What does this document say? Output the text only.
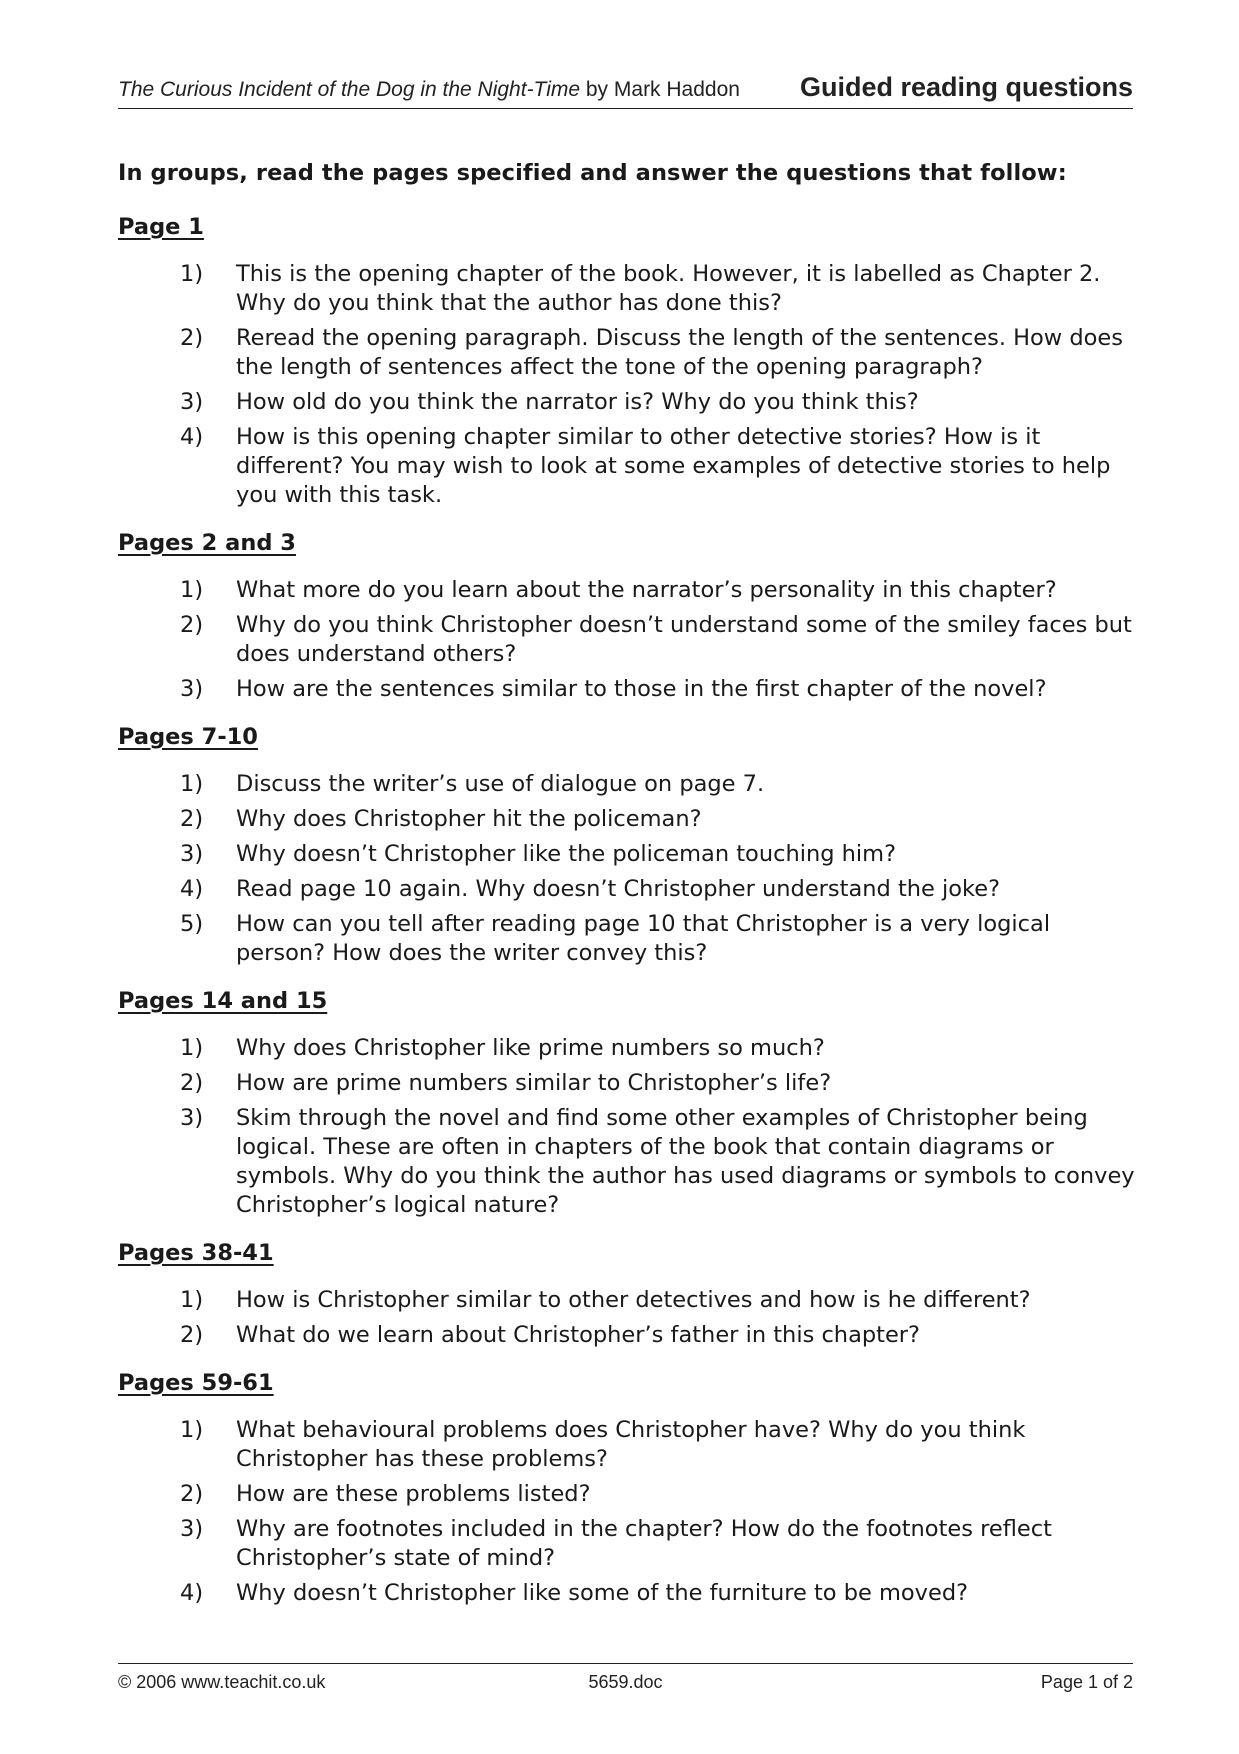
The Curious Incident of the Dog in the Night-Time by Mark Haddon Guided reading questions
In groups, read the pages specified and answer the questions that follow:
Page 1
1) This is the opening chapter of the book. However, it is labelled as Chapter 2. Why do you think that the author has done this?
2) Reread the opening paragraph. Discuss the length of the sentences. How does the length of sentences affect the tone of the opening paragraph?
3) How old do you think the narrator is? Why do you think this?
4) How is this opening chapter similar to other detective stories? How is it different? You may wish to look at some examples of detective stories to help you with this task.
Pages 2 and 3
1) What more do you learn about the narrator’s personality in this chapter?
2) Why do you think Christopher doesn’t understand some of the smiley faces but does understand others?
3) How are the sentences similar to those in the first chapter of the novel?
Pages 7-10
1) Discuss the writer’s use of dialogue on page 7.
2) Why does Christopher hit the policeman?
3) Why doesn’t Christopher like the policeman touching him?
4) Read page 10 again. Why doesn’t Christopher understand the joke?
5) How can you tell after reading page 10 that Christopher is a very logical person? How does the writer convey this?
Pages 14 and 15
1) Why does Christopher like prime numbers so much?
2) How are prime numbers similar to Christopher’s life?
3) Skim through the novel and find some other examples of Christopher being logical. These are often in chapters of the book that contain diagrams or symbols. Why do you think the author has used diagrams or symbols to convey Christopher’s logical nature?
Pages 38-41
1) How is Christopher similar to other detectives and how is he different?
2) What do we learn about Christopher’s father in this chapter?
Pages 59-61
1) What behavioural problems does Christopher have? Why do you think Christopher has these problems?
2) How are these problems listed?
3) Why are footnotes included in the chapter? How do the footnotes reflect Christopher’s state of mind?
4) Why doesn’t Christopher like some of the furniture to be moved?
© 2006 www.teachit.co.uk	5659.doc	Page 1 of 2
